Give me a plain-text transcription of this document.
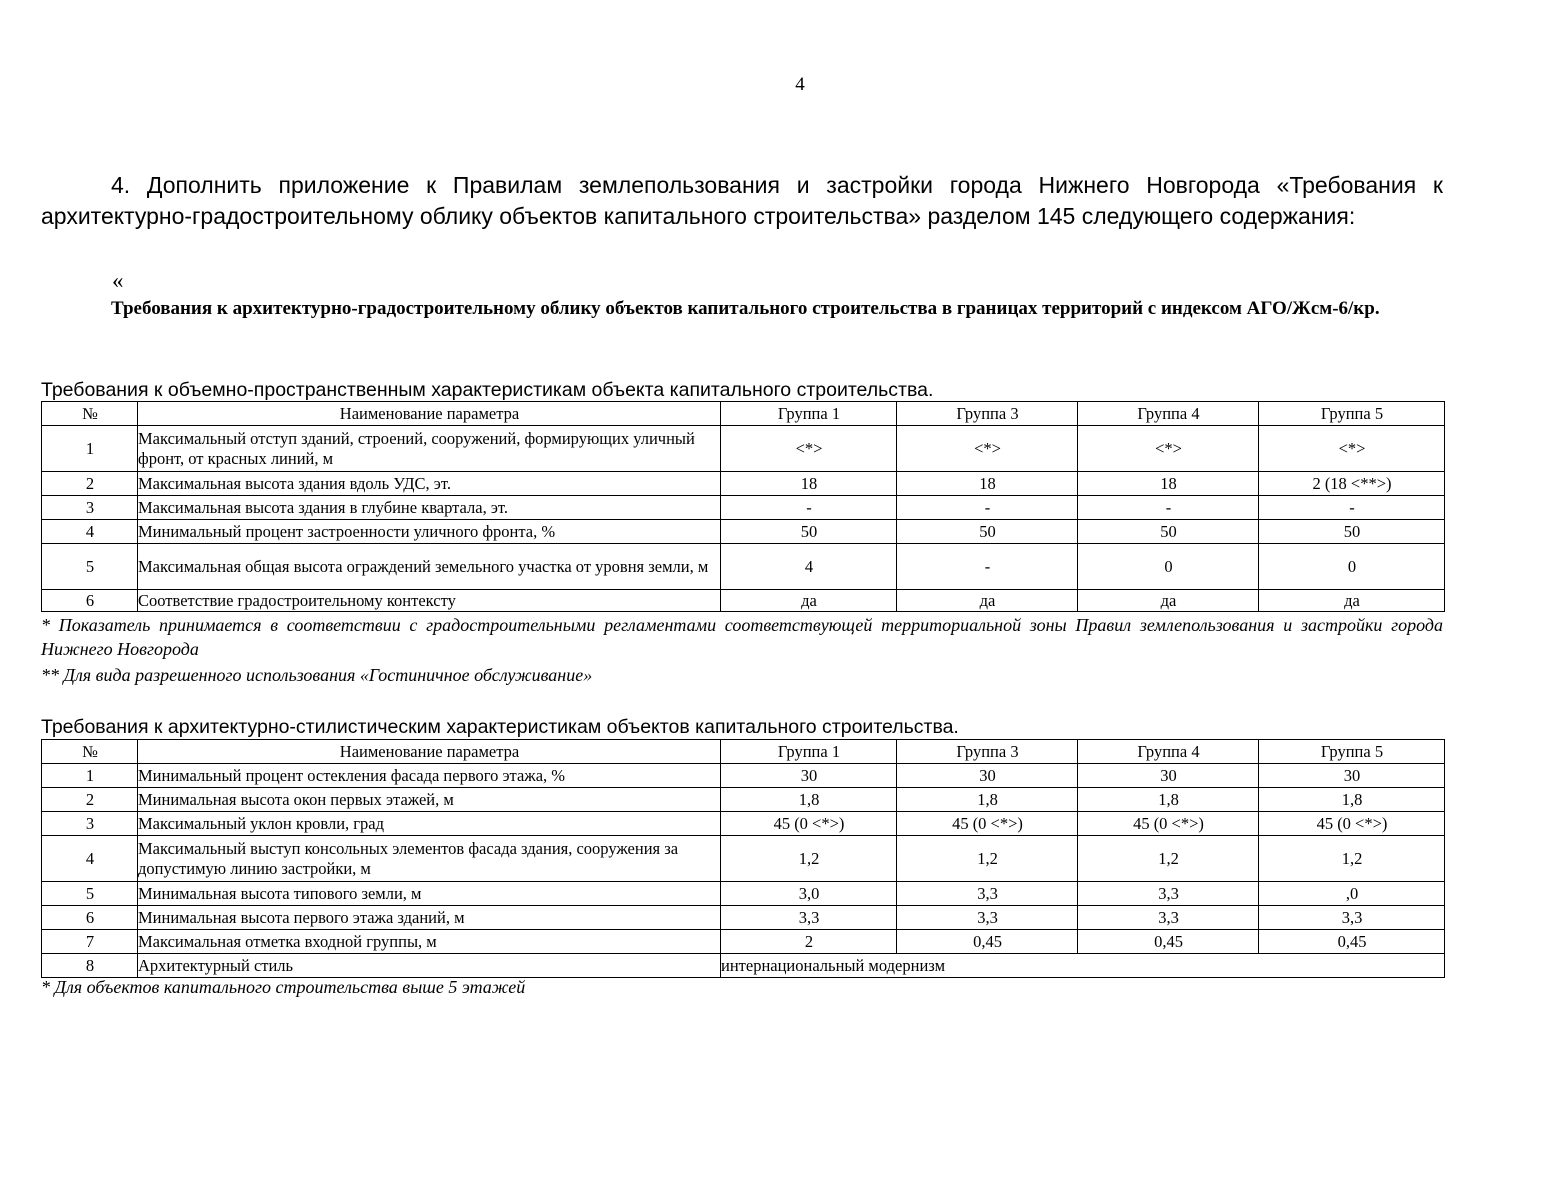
4
4. Дополнить приложение к Правилам землепользования и застройки города Нижнего Новгорода «Требования к архитектурно-градостроительному облику объектов капитального строительства» разделом 145 следующего содержания:
«
Требования к архитектурно-градостроительному облику объектов капитального строительства в границах территорий с индексом АГО/Жсм-6/кр.
Требования к объемно-пространственным характеристикам объекта капитального строительства.
№	Наименование параметра	Группа 1	Группа 3	Группа 4	Группа 5
1	Максимальный отступ зданий, строений, сооружений, формирующих уличный фронт, от красных линий, м	<*>	<*>	<*>	<*>
2	Максимальная высота здания вдоль УДС, эт.	18	18	18	2 (18 <**>)
3	Максимальная высота здания в глубине квартала, эт.	-	-	-	-
4	Минимальный процент застроенности уличного фронта, %	50	50	50	50
5	Максимальная общая высота ограждений земельного участка от уровня земли, м	4	-	0	0
6	Соответствие градостроительному контексту	да	да	да	да
* Показатель принимается в соответствии с градостроительными регламентами соответствующей территориальной зоны Правил землепользования и застройки города Нижнего Новгорода
** Для вида разрешенного использования «Гостиничное обслуживание»
Требования к архитектурно-стилистическим характеристикам объектов капитального строительства.
№	Наименование параметра	Группа 1	Группа 3	Группа 4	Группа 5
1	Минимальный процент остекления фасада первого этажа, %	30	30	30	30
2	Минимальная высота окон первых этажей, м	1,8	1,8	1,8	1,8
3	Максимальный уклон кровли, град	45 (0 <*>)	45 (0 <*>)	45 (0 <*>)	45 (0 <*>)
4	Максимальный выступ консольных элементов фасада здания, сооружения за допустимую линию застройки, м	1,2	1,2	1,2	1,2
5	Минимальная высота типового земли, м	3,0	3,3	3,3	,0
6	Минимальная высота первого этажа зданий, м	3,3	3,3	3,3	3,3
7	Максимальная отметка входной группы, м	2	0,45	0,45	0,45
8	Архитектурный стиль	интернациональный модернизм			
* Для объектов капитального строительства выше 5 этажей
